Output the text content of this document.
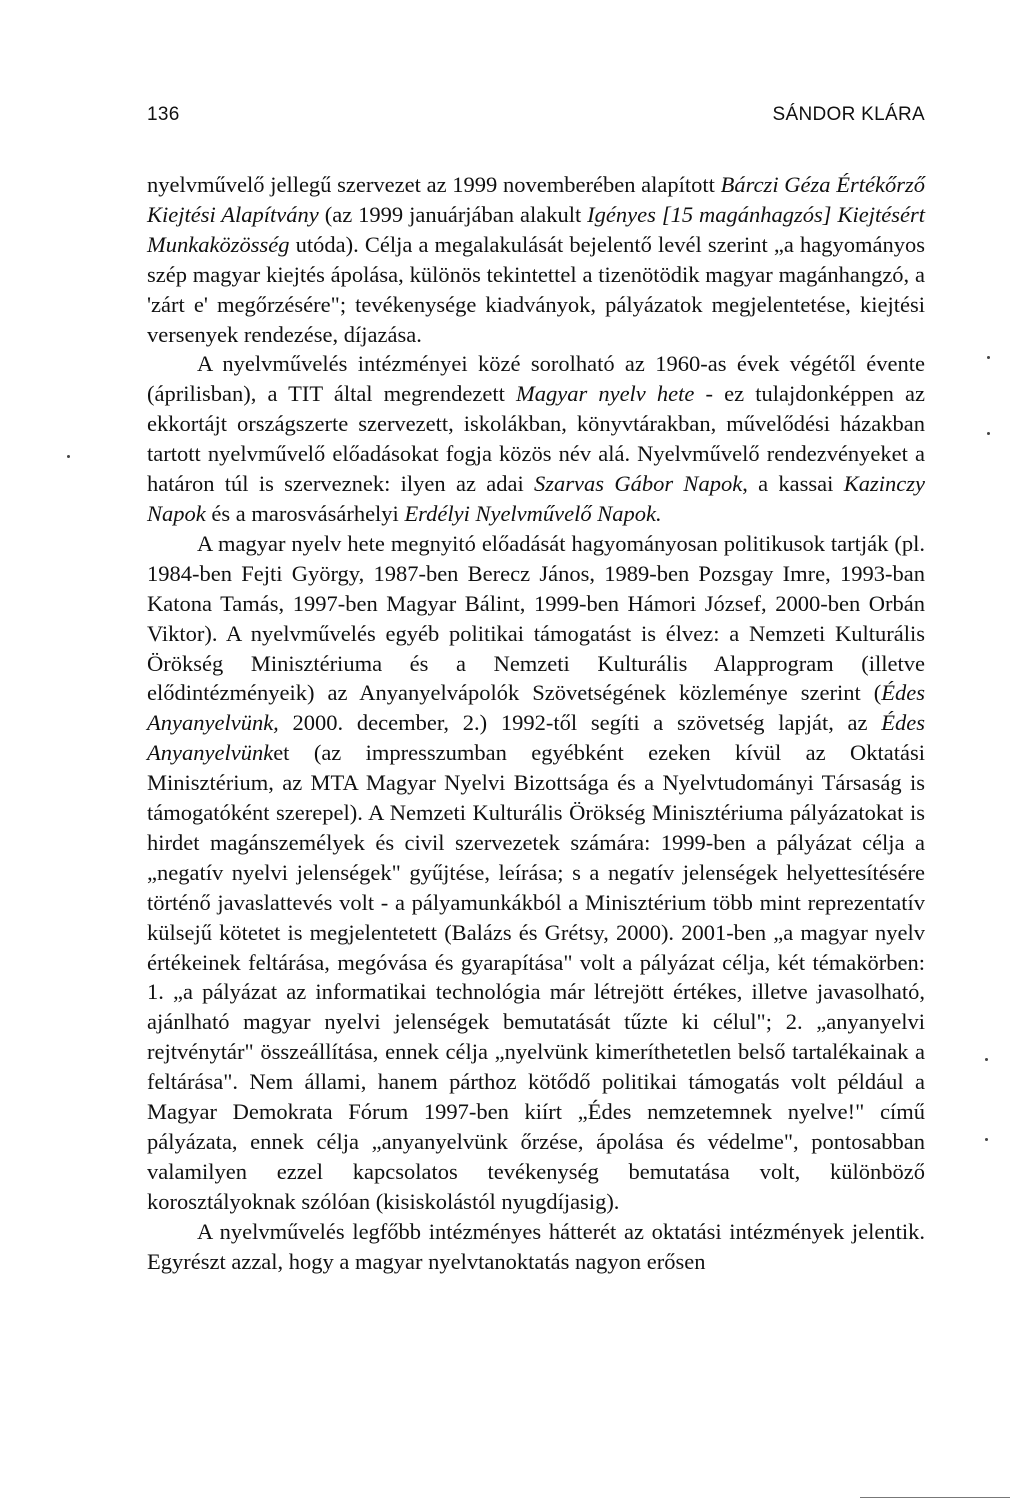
136	SÁNDOR KLÁRA

nyelvművelő jellegű szervezet az 1999 novemberében alapított Bárczi Géza Értékőrző Kiejtési Alapítvány (az 1999 januárjában alakult Igényes [15 magánhagzós] Kiejtésért Munkaközösség utóda). Célja a megalakulását bejelentő levél szerint „a hagyományos szép magyar kiejtés ápolása, különös tekintettel a tizenötödik magyar magánhangzó, a 'zárt e' megőrzésére"; tevékenysége kiadványok, pályázatok megjelentetése, kiejtési versenyek rendezése, díjazása.

A nyelvművelés intézményei közé sorolható az 1960-as évek végétől évente (áprilisban), a TIT által megrendezett Magyar nyelv hete - ez tulajdonképpen az ekkortájt országszerte szervezett, iskolákban, könyvtárakban, művelődési házakban tartott nyelvművelő előadásokat fogja közös név alá. Nyelvművelő rendezvényeket a határon túl is szerveznek: ilyen az adai Szarvas Gábor Napok, a kassai Kazinczy Napok és a marosvásárhelyi Erdélyi Nyelvművelő Napok.

A magyar nyelv hete megnyitó előadását hagyományosan politikusok tartják (pl. 1984-ben Fejti György, 1987-ben Berecz János, 1989-ben Pozsgay Imre, 1993-ban Katona Tamás, 1997-ben Magyar Bálint, 1999-ben Hámori József, 2000-ben Orbán Viktor). A nyelvművelés egyéb politikai támogatást is élvez: a Nemzeti Kulturális Örökség Minisztériuma és a Nemzeti Kulturális Alapprogram (illetve elődintézményeik) az Anyanyelvápolók Szövetségének közleménye szerint (Édes Anyanyelvünk, 2000. december, 2.) 1992-től segíti a szövetség lapját, az Édes Anyanyelvünket (az impresszumban egyébként ezeken kívül az Oktatási Minisztérium, az MTA Magyar Nyelvi Bizottsága és a Nyelvtudományi Társaság is támogatóként szerepel). A Nemzeti Kulturális Örökség Minisztériuma pályázatokat is hirdet magánszemélyek és civil szervezetek számára: 1999-ben a pályázat célja a „negatív nyelvi jelenségek" gyűjtése, leírása; s a negatív jelenségek helyettesítésére történő javaslattevés volt - a pályamunkákból a Minisztérium több mint reprezentatív külsejű kötetet is megjelentetett (Balázs és Grétsy, 2000). 2001-ben „a magyar nyelv értékeinek feltárása, megóvása és gyarapítása" volt a pályázat célja, két témakörben: 1. „a pályázat az informatikai technológia már létrejött értékes, illetve javasolható, ajánlható magyar nyelvi jelenségek bemutatását tűzte ki célul"; 2. „anyanyelvi rejtvénytár" összeállítása, ennek célja „nyelvünk kimeríthetetlen belső tartalékainak a feltárása". Nem állami, hanem párthoz kötődő politikai támogatás volt például a Magyar Demokrata Fórum 1997-ben kiírt „Édes nemzetemnek nyelve!" című pályázata, ennek célja „anyanyelvünk őrzése, ápolása és védelme", pontosabban valamilyen ezzel kapcsolatos tevékenység bemutatása volt, különböző korosztályoknak szólóan (kisiskolástól nyugdíjasig).

A nyelvművelés legfőbb intézményes hátterét az oktatási intézmények jelentik. Egyrészt azzal, hogy a magyar nyelvtanoktatás nagyon erősen
